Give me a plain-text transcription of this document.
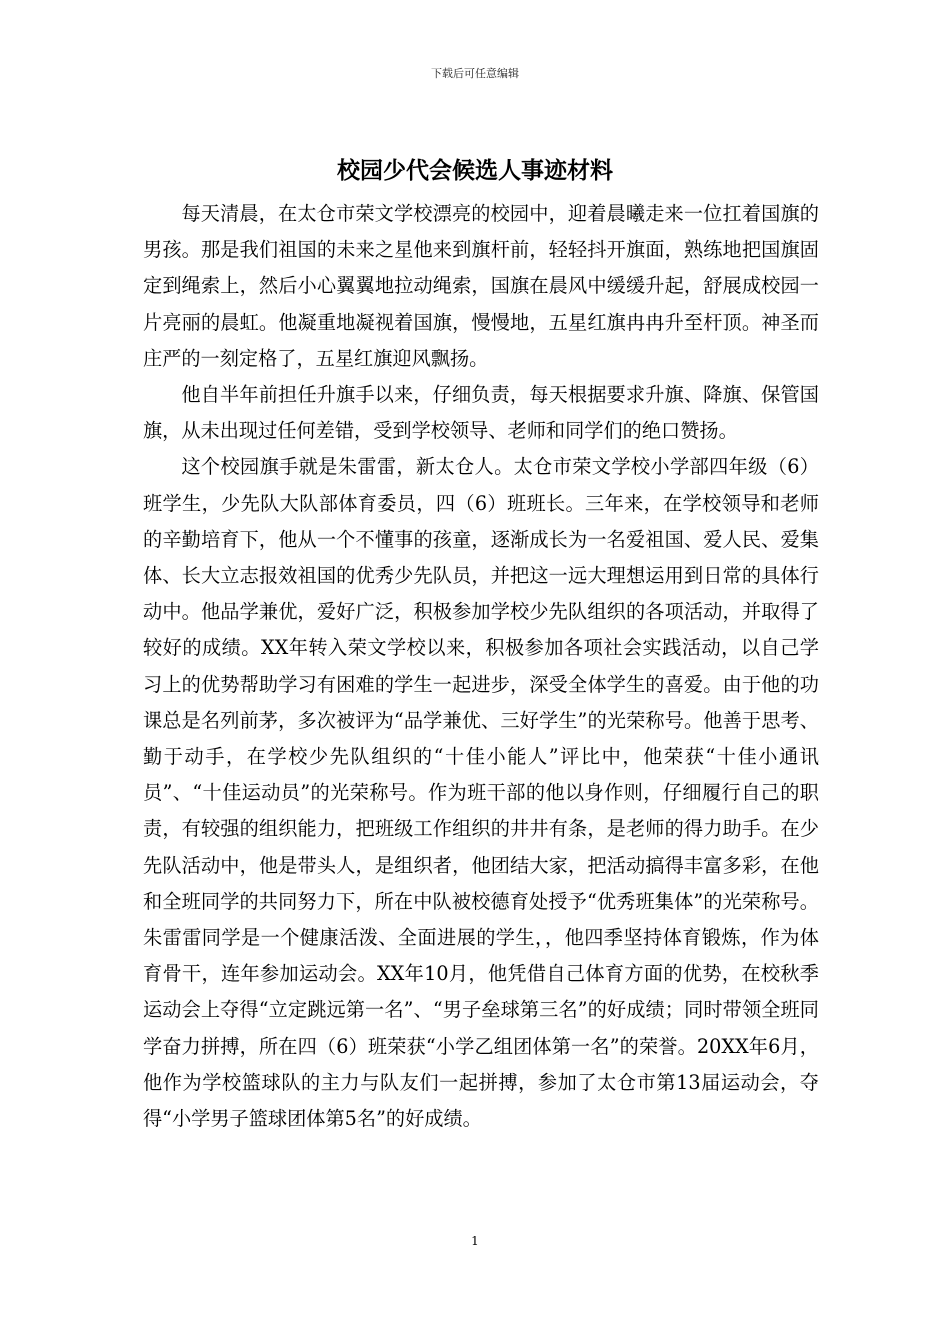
下载后可任意编辑
校园少代会候选人事迹材料

每天清晨，在太仓市荣文学校漂亮的校园中，迎着晨曦走来一位扛着国旗的男孩。那是我们祖国的未来之星他来到旗杆前，轻轻抖开旗面，熟练地把国旗固定到绳索上，然后小心翼翼地拉动绳索，国旗在晨风中缓缓升起，舒展成校园一片亮丽的晨虹。他凝重地凝视着国旗，慢慢地，五星红旗冉冉升至杆顶。神圣而庄严的一刻定格了，五星红旗迎风飘扬。

他自半年前担任升旗手以来，仔细负责，每天根据要求升旗、降旗、保管国旗，从未出现过任何差错，受到学校领导、老师和同学们的绝口赞扬。

这个校园旗手就是朱雷雷，新太仓人。太仓市荣文学校小学部四年级（6）班学生，少先队大队部体育委员，四（6）班班长。三年来，在学校领导和老师的辛勤培育下，他从一个不懂事的孩童，逐渐成长为一名爱祖国、爱人民、爱集体、长大立志报效祖国的优秀少先队员，并把这一远大理想运用到日常的具体行动中。他品学兼优，爱好广泛，积极参加学校少先队组织的各项活动，并取得了较好的成绩。XX年转入荣文学校以来，积极参加各项社会实践活动，以自己学习上的优势帮助学习有困难的学生一起进步，深受全体学生的喜爱。由于他的功课总是名列前茅，多次被评为“品学兼优、三好学生”的光荣称号。他善于思考、勤于动手，在学校少先队组织的“十佳小能人”评比中，他荣获“十佳小通讯员”、“十佳运动员”的光荣称号。作为班干部的他以身作则，仔细履行自己的职责，有较强的组织能力，把班级工作组织的井井有条，是老师的得力助手。在少先队活动中，他是带头人，是组织者，他团结大家，把活动搞得丰富多彩，在他和全班同学的共同努力下，所在中队被校德育处授予“优秀班集体”的光荣称号。朱雷雷同学是一个健康活泼、全面进展的学生，，他四季坚持体育锻炼，作为体育骨干，连年参加运动会。XX年10月，他凭借自己体育方面的优势，在校秋季运动会上夺得“立定跳远第一名”、“男子垒球第三名”的好成绩；同时带领全班同学奋力拼搏，所在四（6）班荣获“小学乙组团体第一名”的荣誉。20XX年6月，他作为学校篮球队的主力与队友们一起拼搏，参加了太仓市第13届运动会，夺得“小学男子篮球团体第5名”的好成绩。

1
